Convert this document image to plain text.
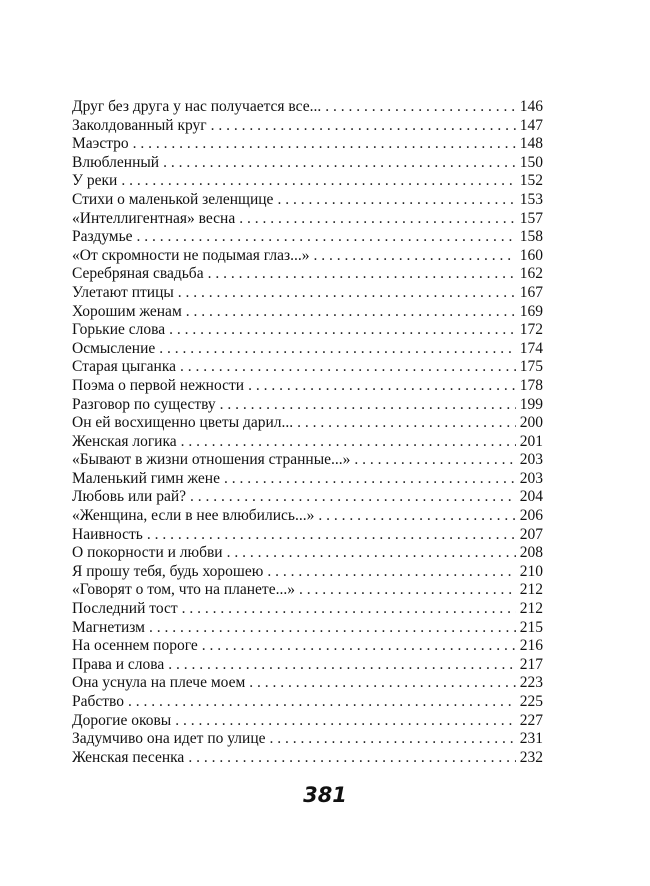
Друг без друга у нас получается все... . . .	146
Заколдованный круг . . .	147
Маэстро . . .	148
Влюбленный . . .	150
У реки . . .	152
Стихи о маленькой зеленщице . . .	153
«Интеллигентная» весна . . .	157
Раздумье . . .	158
«От скромности не подымая глаз...» . . .	160
Серебряная свадьба . . .	162
Улетают птицы . . .	167
Хорошим женам . . .	169
Горькие слова . . .	172
Осмысление . . .	174
Старая цыганка . . .	175
Поэма о первой нежности . . .	178
Разговор по существу . . .	199
Он ей восхищенно цветы дарил... . . .	200
Женская логика . . .	201
«Бывают в жизни отношения странные...» . . .	203
Маленький гимн жене . . .	203
Любовь или рай? . . .	204
«Женщина, если в нее влюбились...» . . .	206
Наивность . . .	207
О покорности и любви . . .	208
Я прошу тебя, будь хорошею . . .	210
«Говорят о том, что на планете...» . . .	212
Последний тост . . .	212
Магнетизм . . .	215
На осеннем пороге . . .	216
Права и слова . . .	217
Она уснула на плече моем . . .	223
Рабство . . .	225
Дорогие оковы . . .	227
Задумчиво она идет по улице . . .	231
Женская песенка . . .	232
381
